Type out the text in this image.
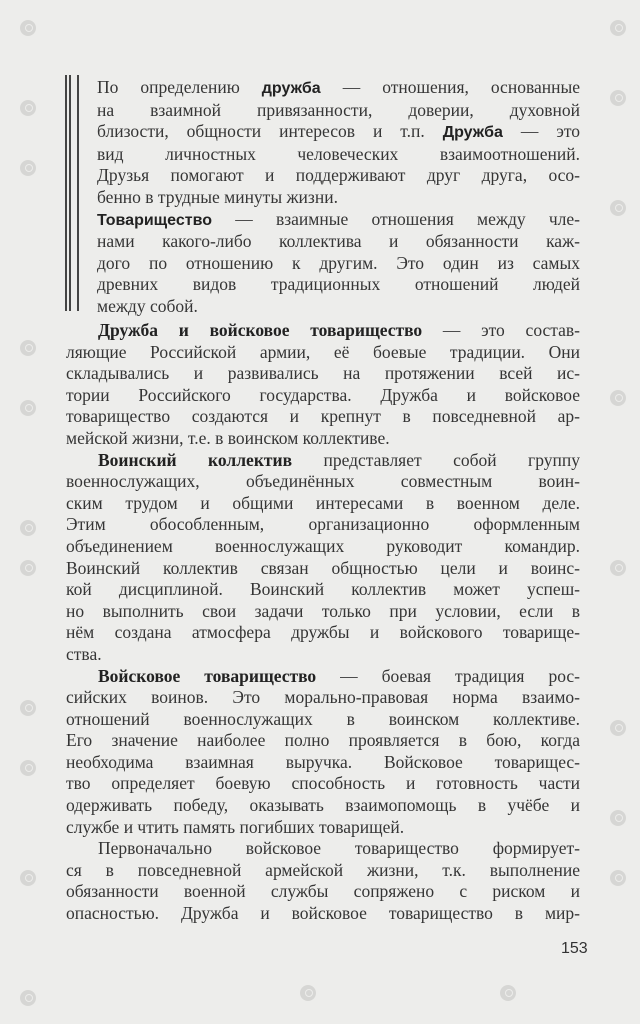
По определению дружба — отношения, основанные
на взаимной привязанности, доверии, духовной
близости, общности интересов и т.п. Дружба — это
вид личностных человеческих взаимоотношений.
Друзья помогают и поддерживают друг друга, осо-
бенно в трудные минуты жизни.
Товарищество — взаимные отношения между чле-
нами какого-либо коллектива и обязанности каж-
дого по отношению к другим. Это один из самых
древних видов традиционных отношений людей
между собой.
Дружба и войсковое товарищество — это состав-
ляющие Российской армии, её боевые традиции. Они
складывались и развивались на протяжении всей ис-
тории Российского государства. Дружба и войсковое
товарищество создаются и крепнут в повседневной ар-
мейской жизни, т.е. в воинском коллективе.
Воинский коллектив представляет собой группу
военнослужащих, объединённых совместным воин-
ским трудом и общими интересами в военном деле.
Этим обособленным, организационно оформленным
объединением военнослужащих руководит командир.
Воинский коллектив связан общностью цели и воинс-
кой дисциплиной. Воинский коллектив может успеш-
но выполнить свои задачи только при условии, если в
нём создана атмосфера дружбы и войскового товарище-
ства.
Войсковое товарищество — боевая традиция рос-
сийских воинов. Это морально-правовая норма взаимо-
отношений военнослужащих в воинском коллективе.
Его значение наиболее полно проявляется в бою, когда
необходима взаимная выручка. Войсковое товарищес-
тво определяет боевую способность и готовность части
одерживать победу, оказывать взаимопомощь в учёбе и
службе и чтить память погибших товарищей.
Первоначально войсковое товарищество формирует-
ся в повседневной армейской жизни, т.к. выполнение
обязанности военной службы сопряжено с риском и
опасностью. Дружба и войсковое товарищество в мир-
153
